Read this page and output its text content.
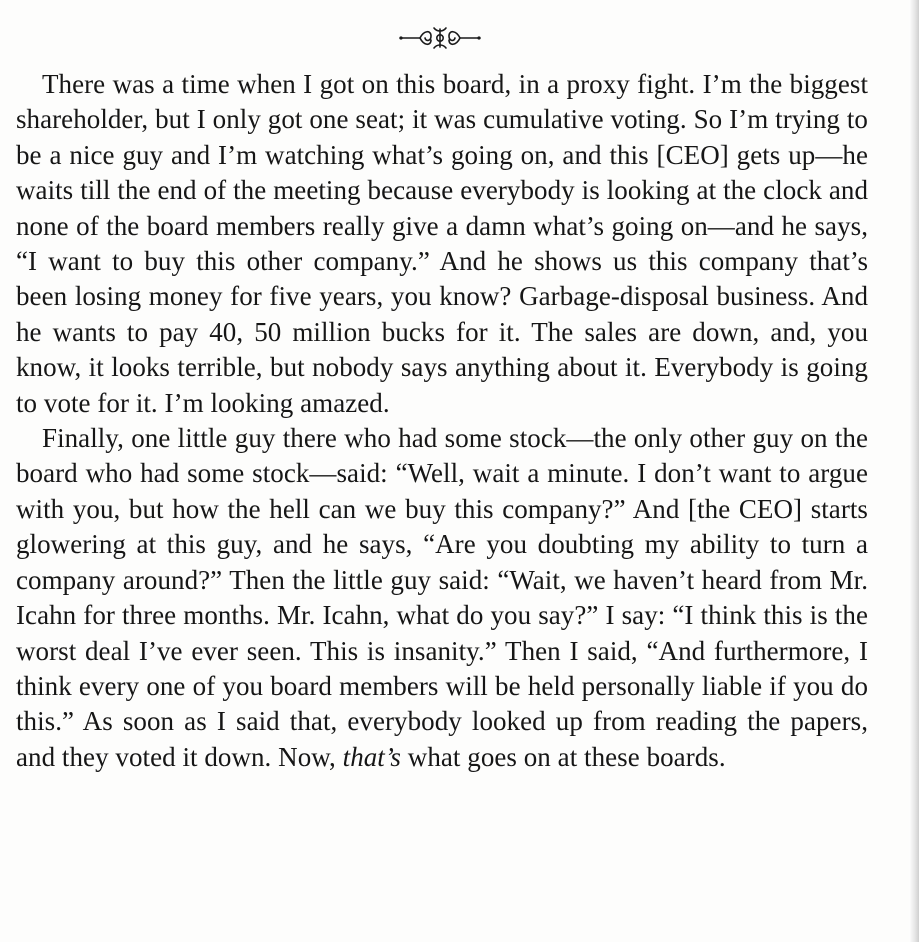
There was a time when I got on this board, in a proxy fight. I’m the biggest shareholder, but I only got one seat; it was cumulative voting. So I’m trying to be a nice guy and I’m watching what’s going on, and this [CEO] gets up—he waits till the end of the meeting because everybody is looking at the clock and none of the board members really give a damn what’s going on—and he says, “I want to buy this other company.” And he shows us this company that’s been losing money for five years, you know? Garbage-disposal business. And he wants to pay 40, 50 million bucks for it. The sales are down, and, you know, it looks terrible, but nobody says anything about it. Everybody is going to vote for it. I’m looking amazed.

Finally, one little guy there who had some stock—the only other guy on the board who had some stock—said: “Well, wait a minute. I don’t want to argue with you, but how the hell can we buy this company?” And [the CEO] starts glowering at this guy, and he says, “Are you doubting my ability to turn a company around?” Then the little guy said: “Wait, we haven’t heard from Mr. Icahn for three months. Mr. Icahn, what do you say?” I say: “I think this is the worst deal I’ve ever seen. This is insanity.” Then I said, “And furthermore, I think every one of you board members will be held personally liable if you do this.” As soon as I said that, everybody looked up from reading the papers, and they voted it down. Now, that’s what goes on at these boards.
